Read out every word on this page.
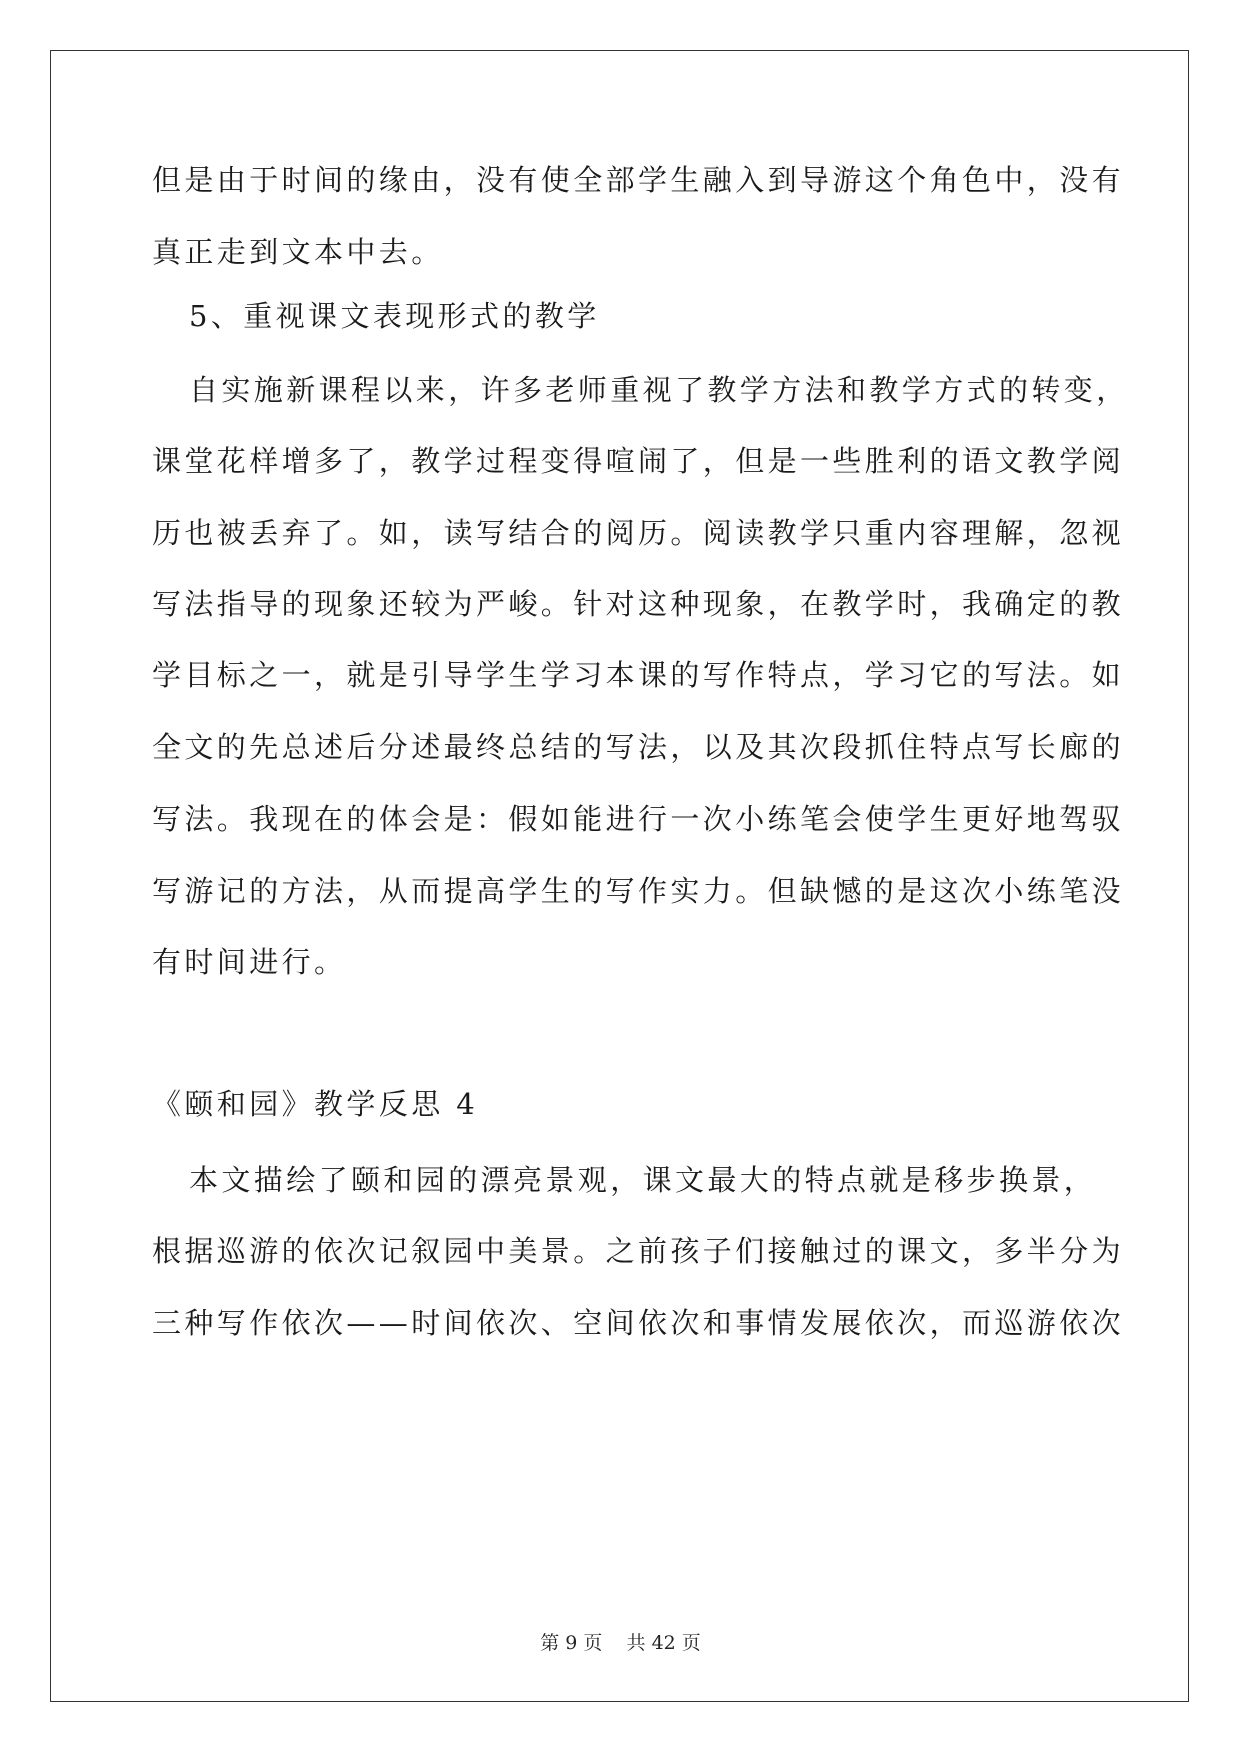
但是由于时间的缘由，没有使全部学生融入到导游这个角色中，没有
真正走到文本中去。
5、重视课文表现形式的教学
自实施新课程以来，许多老师重视了教学方法和教学方式的转变，
课堂花样增多了，教学过程变得喧闹了，但是一些胜利的语文教学阅
历也被丢弃了。如，读写结合的阅历。阅读教学只重内容理解，忽视
写法指导的现象还较为严峻。针对这种现象，在教学时，我确定的教
学目标之一，就是引导学生学习本课的写作特点，学习它的写法。如
全文的先总述后分述最终总结的写法，以及其次段抓住特点写长廊的
写法。我现在的体会是：假如能进行一次小练笔会使学生更好地驾驭
写游记的方法，从而提高学生的写作实力。但缺憾的是这次小练笔没
有时间进行。
《颐和园》教学反思 4
本文描绘了颐和园的漂亮景观，课文最大的特点就是移步换景，
根据巡游的依次记叙园中美景。之前孩子们接触过的课文，多半分为
三种写作依次——时间依次、空间依次和事情发展依次，而巡游依次
第 9 页    共 42 页
